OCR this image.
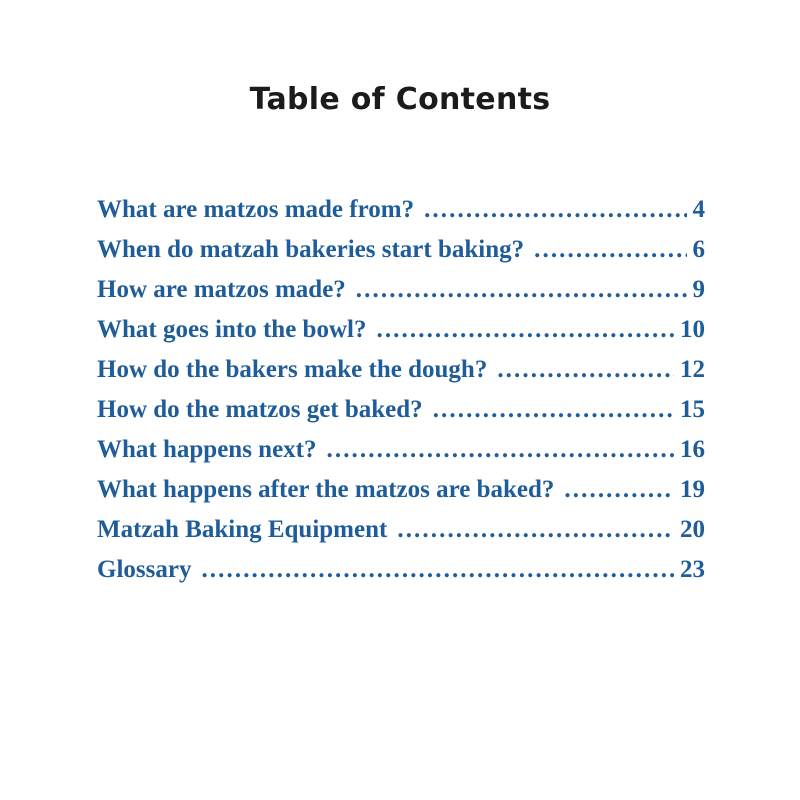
Table of Contents
What are matzos made from? .....	4
When do matzah bakeries start baking? .....	6
How are matzos made? .....	9
What goes into the bowl? .....	10
How do the bakers make the dough? .....	12
How do the matzos get baked? .....	15
What happens next? .....	16
What happens after the matzos are baked? .....	19
Matzah Baking Equipment .....	20
Glossary .....	23
